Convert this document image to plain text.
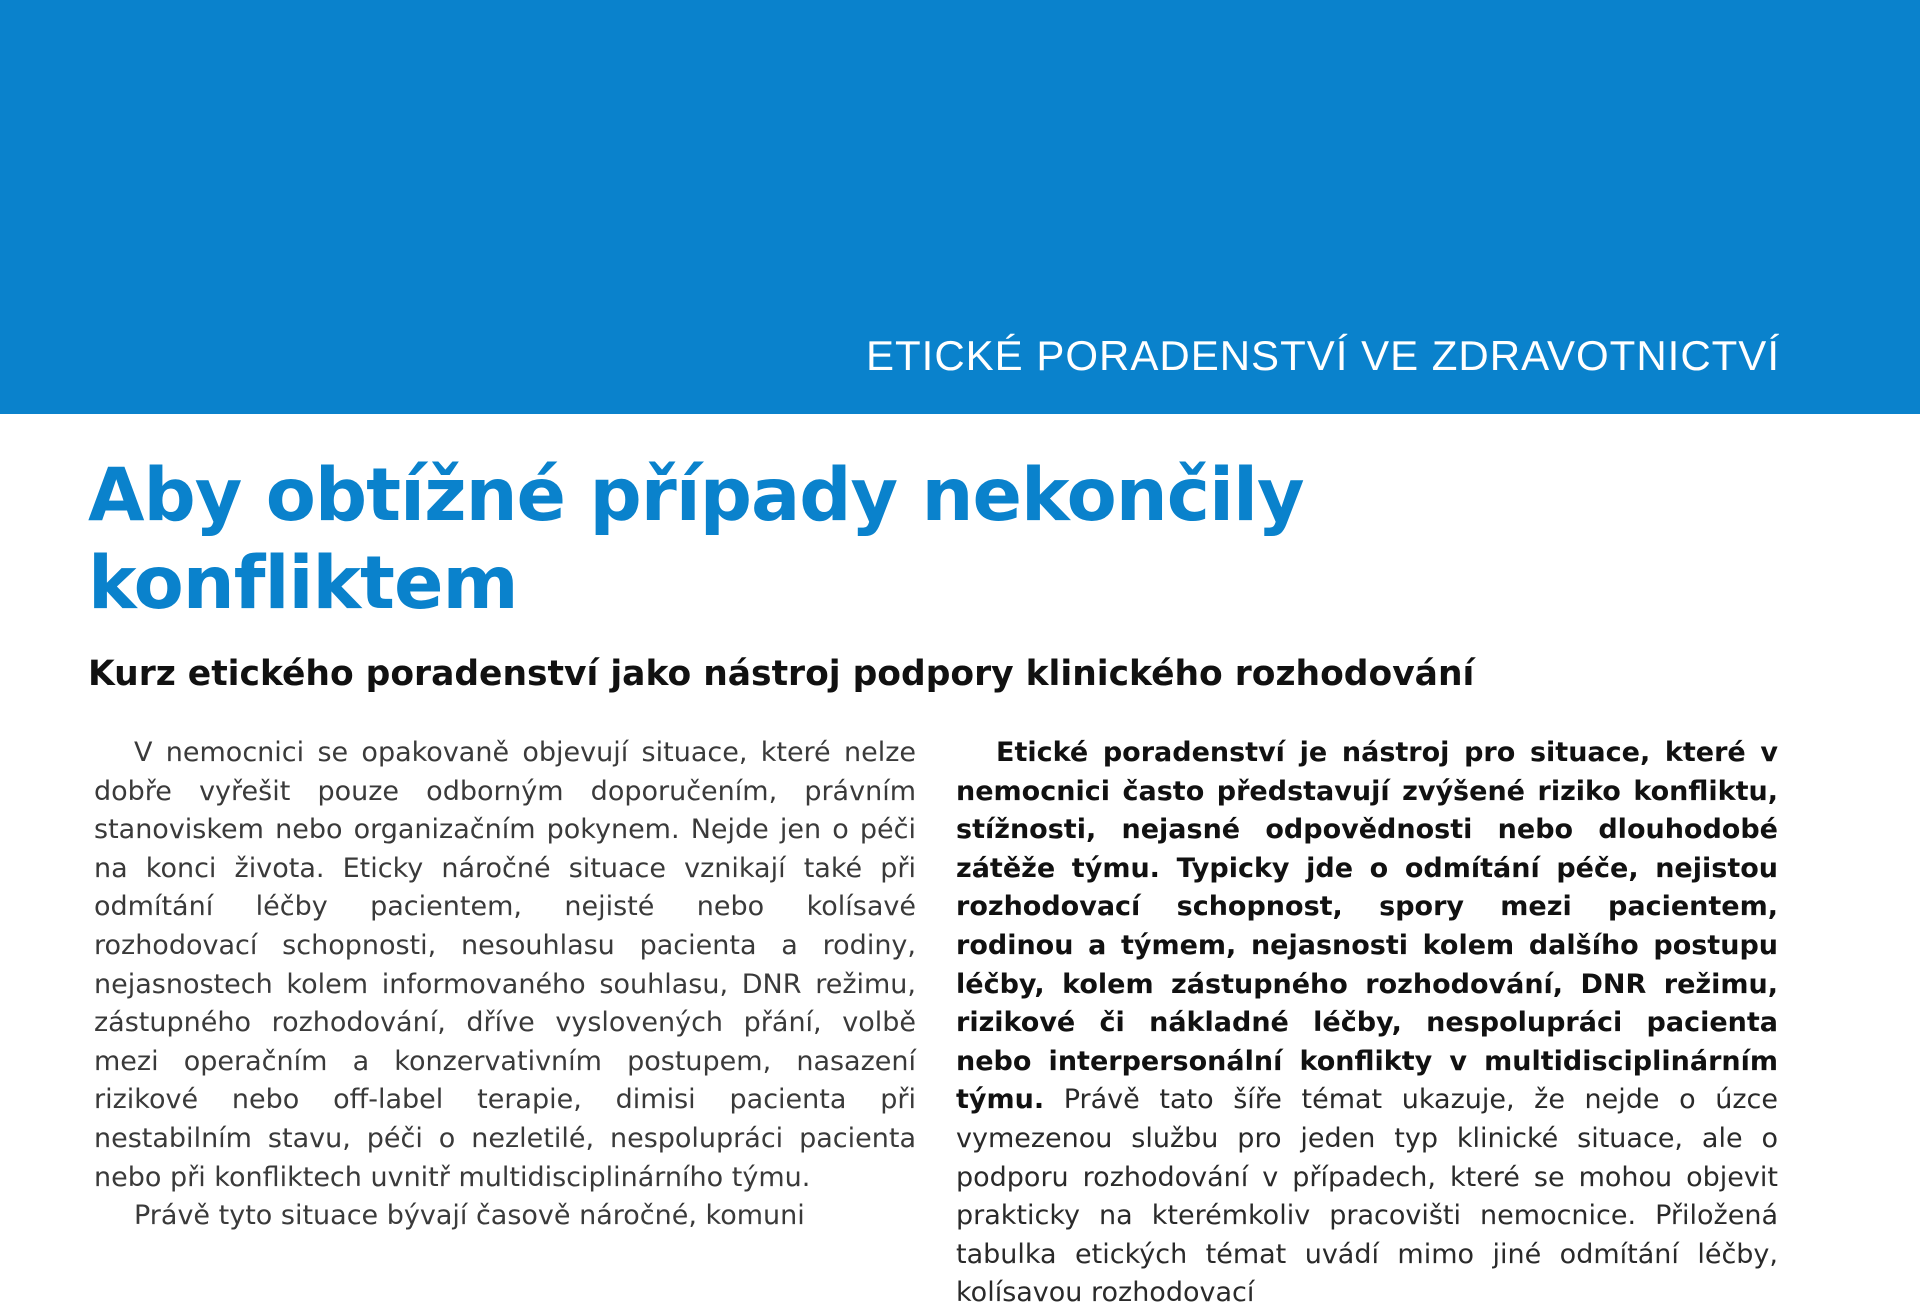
ETICKÉ PORADENSTVÍ VE ZDRAVOTNICTVÍ
Aby obtížné případy nekončily konfliktem
Kurz etického poradenství jako nástroj podpory klinického rozhodování

V nemocnici se opakovaně objevují situace, které nelze dobře vyřešit pouze odborným doporučením, právním stanoviskem nebo organizačním pokynem. Nejde jen o péči na konci života. Eticky náročné situace vznikají také při odmítání léčby pacientem, nejisté nebo kolísavé rozhodovací schopnosti, nesouhlasu pacienta a rodiny, nejasnostech kolem informovaného souhlasu, DNR režimu, zástupného rozhodování, dříve vyslovených přání, volbě mezi operačním a konzervativním postupem, nasazení rizikové nebo off-label terapie, dimisi pacienta při nestabilním stavu, péči o nezletilé, nespolupráci pacienta nebo při konfliktech uvnitř multidisciplinárního týmu.

Právě tyto situace bývají časově náročné, komuni

Etické poradenství je nástroj pro situace, které v nemocnici často představují zvýšené riziko konfliktu, stížnosti, nejasné odpovědnosti nebo dlouhodobé zátěže týmu. Typicky jde o odmítání péče, nejistou rozhodovací schopnost, spory mezi pacientem, rodinou a týmem, nejasnosti kolem dalšího postupu léčby, kolem zástupného rozhodování, DNR režimu, rizikové či nákladné léčby, nespolupráci pacienta nebo interpersonální konflikty v multidisciplinárním týmu. Právě tato šíře témat ukazuje, že nejde o úzce vymezenou službu pro jeden typ klinické situace, ale o podporu rozhodování v případech, které se mohou objevit prakticky na kterémkoliv pracovišti nemocnice. Přiložená tabulka etických témat uvádí mimo jiné odmítání léčby, kolísavou rozhodovací
